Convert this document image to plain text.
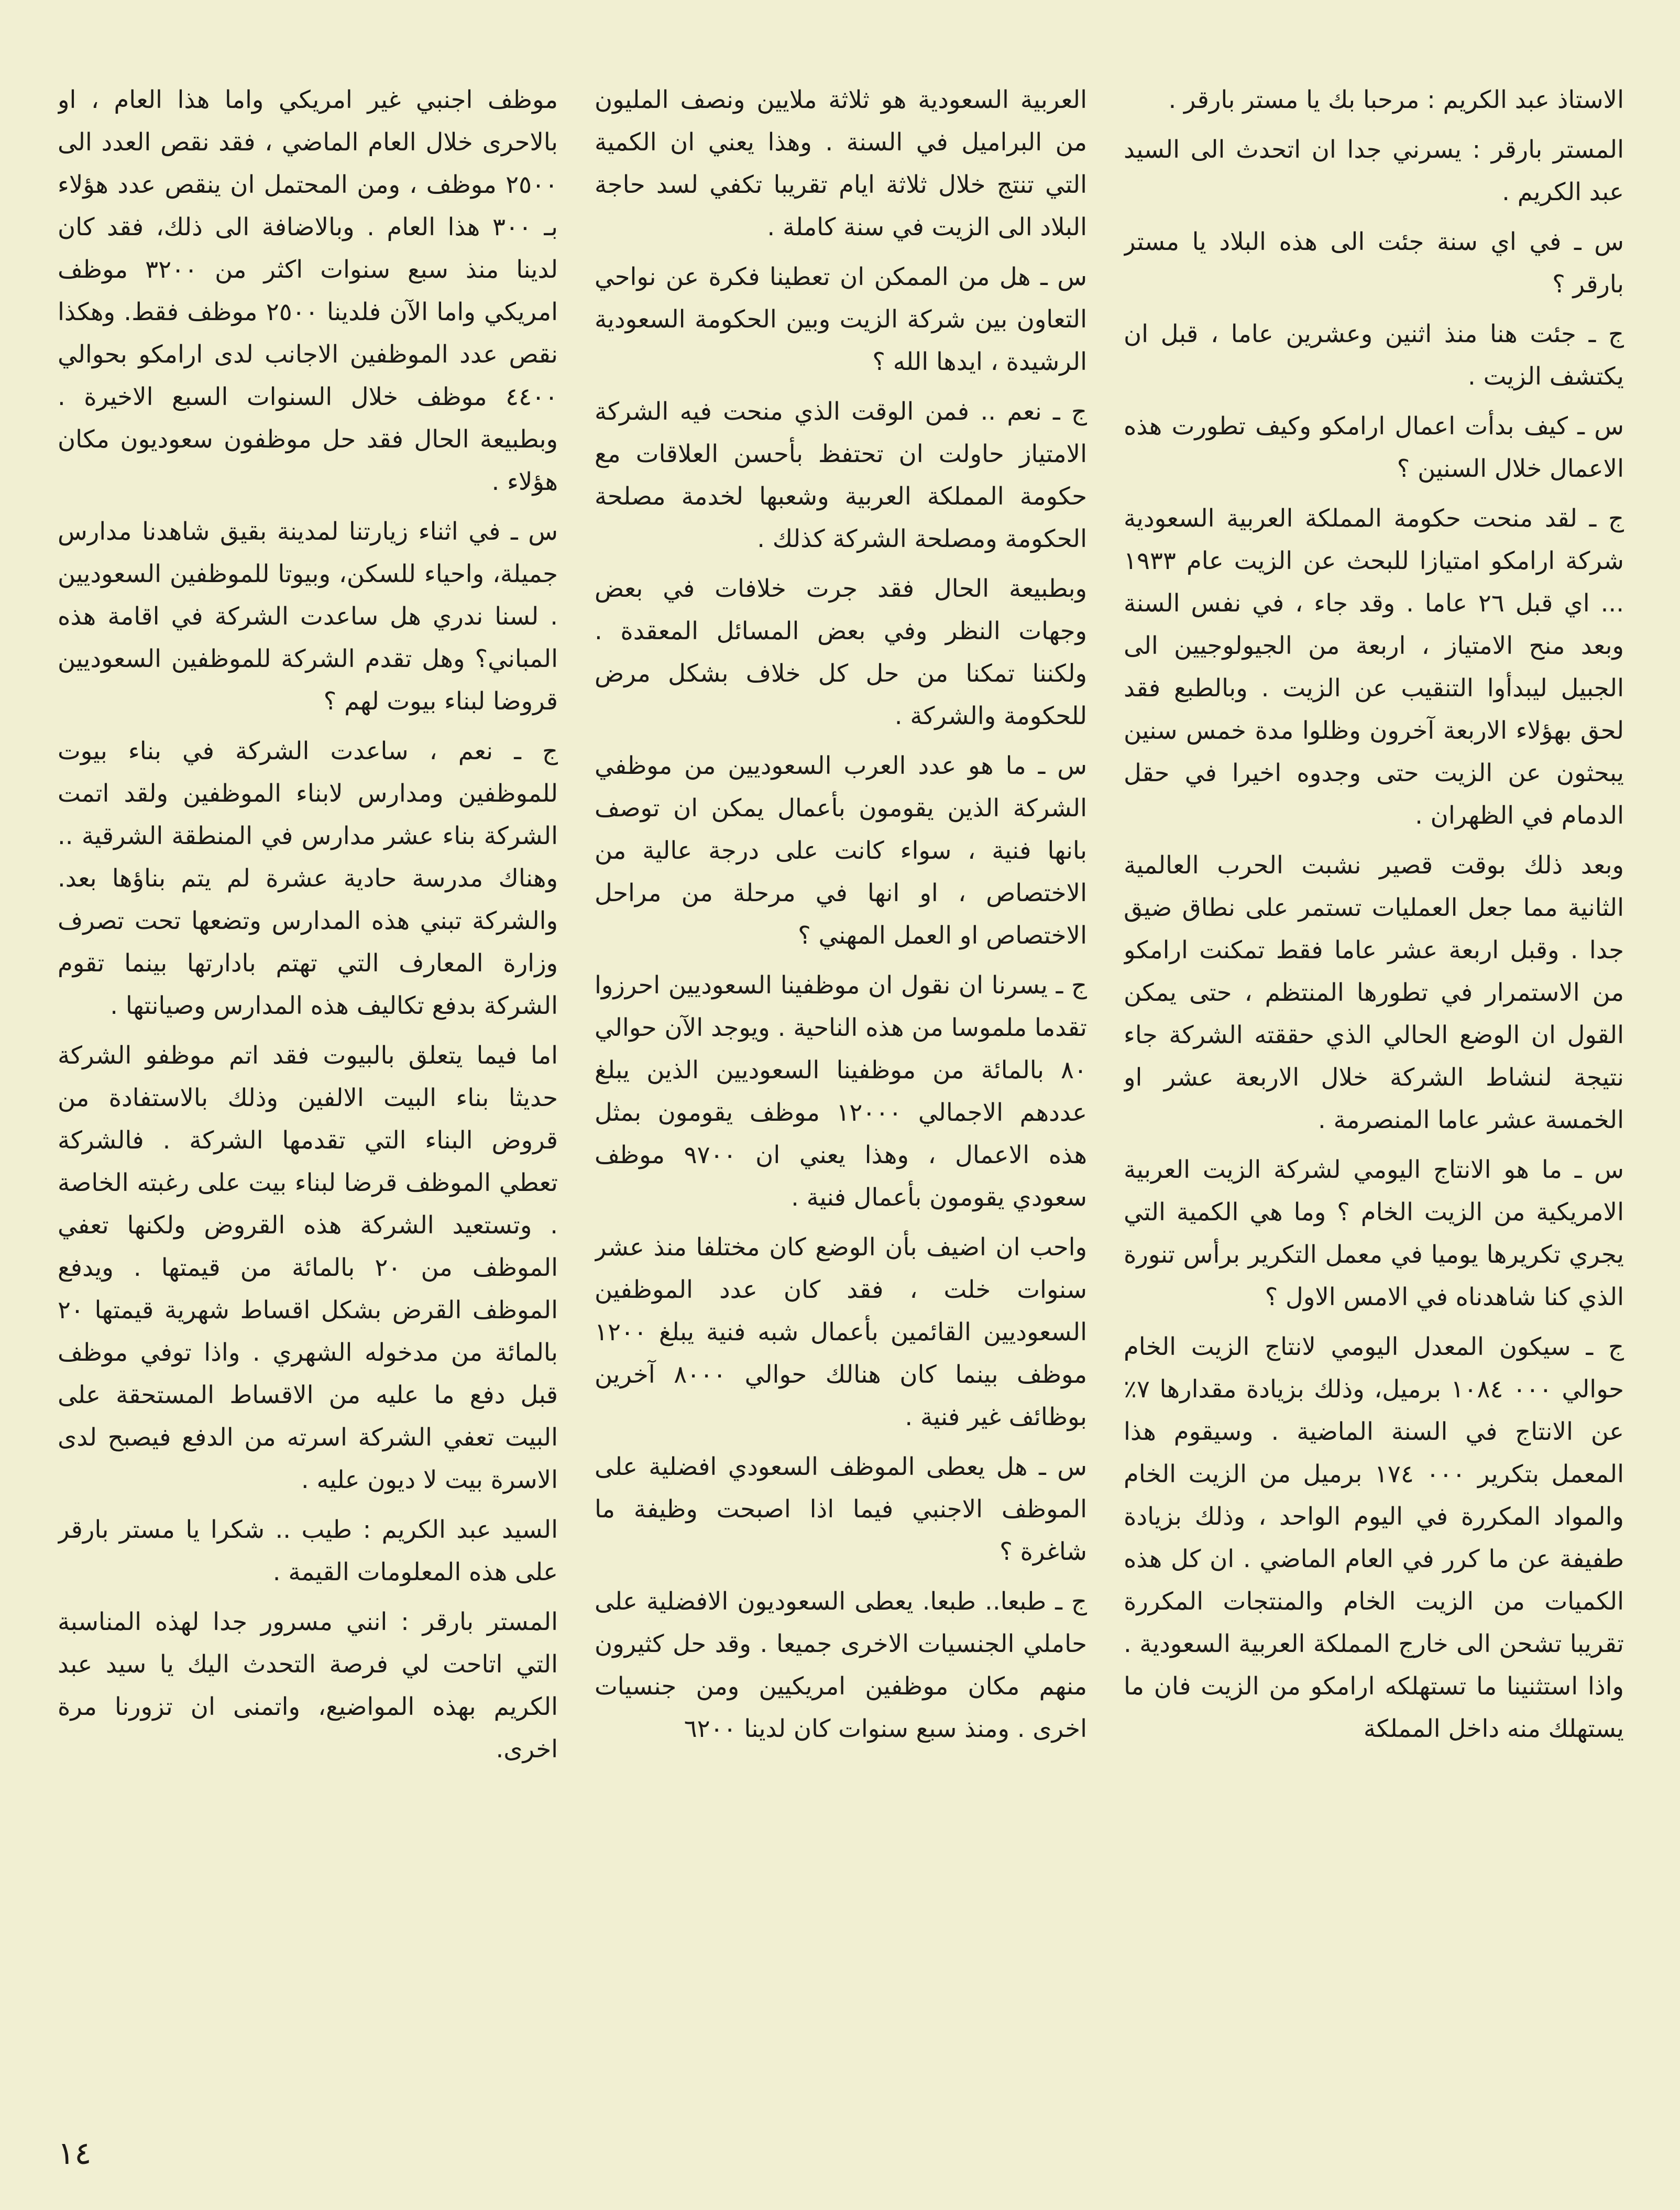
الاستاذ عبد الكريم : مرحبا بك يا مستر بارقر .

المستر بارقر : يسرني جدا ان اتحدث الى السيد عبد الكريم .

س ـ في اي سنة جئت الى هذه البلاد يا مستر بارقر ؟

ج ـ جئت هنا منذ اثنين وعشرين عاما ، قبل ان يكتشف الزيت .

س ـ كيف بدأت اعمال ارامكو وكيف تطورت هذه الاعمال خلال السنين ؟

ج ـ لقد منحت حكومة المملكة العربية السعودية شركة ارامكو امتيازا للبحث عن الزيت عام ١٩٣٣ ... اي قبل ٢٦ عاما . وقد جاء ، في نفس السنة وبعد منح الامتياز ، اربعة من الجيولوجيين الى الجبيل ليبدأوا التنقيب عن الزيت . وبالطبع فقد لحق بهؤلاء الاربعة آخرون وظلوا مدة خمس سنين يبحثون عن الزيت حتى وجدوه اخيرا في حقل الدمام في الظهران .

وبعد ذلك بوقت قصير نشبت الحرب العالمية الثانية مما جعل العمليات تستمر على نطاق ضيق جدا . وقبل اربعة عشر عاما فقط تمكنت ارامكو من الاستمرار في تطورها المنتظم ، حتى يمكن القول ان الوضع الحالي الذي حققته الشركة جاء نتيجة لنشاط الشركة خلال الاربعة عشر او الخمسة عشر عاما المنصرمة .

س ـ ما هو الانتاج اليومي لشركة الزيت العربية الامريكية من الزيت الخام ؟ وما هي الكمية التي يجري تكريرها يوميا في معمل التكرير برأس تنورة الذي كنا شاهدناه في الامس الاول ؟

ج ـ سيكون المعدل اليومي لانتاج الزيت الخام حوالي ٠٠٠ ١٠٨٤ برميل، وذلك بزيادة مقدارها ٧٪ عن الانتاج في السنة الماضية . وسيقوم هذا المعمل بتكرير ٠٠٠ ١٧٤ برميل من الزيت الخام والمواد المكررة في اليوم الواحد ، وذلك بزيادة طفيفة عن ما كرر في العام الماضي . ان كل هذه الكميات من الزيت الخام والمنتجات المكررة تقريبا تشحن الى خارج المملكة العربية السعودية . واذا استثنينا ما تستهلكه ارامكو من الزيت فان ما يستهلك منه داخل المملكة

العربية السعودية هو ثلاثة ملايين ونصف المليون من البراميل في السنة . وهذا يعني ان الكمية التي تنتج خلال ثلاثة ايام تقريبا تكفي لسد حاجة البلاد الى الزيت في سنة كاملة .

س ـ هل من الممكن ان تعطينا فكرة عن نواحي التعاون بين شركة الزيت وبين الحكومة السعودية الرشيدة ، ايدها الله ؟

ج ـ نعم .. فمن الوقت الذي منحت فيه الشركة الامتياز حاولت ان تحتفظ بأحسن العلاقات مع حكومة المملكة العربية وشعبها لخدمة مصلحة الحكومة ومصلحة الشركة كذلك .

وبطبيعة الحال فقد جرت خلافات في بعض وجهات النظر وفي بعض المسائل المعقدة . ولكننا تمكنا من حل كل خلاف بشكل مرض للحكومة والشركة .

س ـ ما هو عدد العرب السعوديين من موظفي الشركة الذين يقومون بأعمال يمكن ان توصف بانها فنية ، سواء كانت على درجة عالية من الاختصاص ، او انها في مرحلة من مراحل الاختصاص او العمل المهني ؟

ج ـ يسرنا ان نقول ان موظفينا السعوديين احرزوا تقدما ملموسا من هذه الناحية . ويوجد الآن حوالي ٨٠ بالمائة من موظفينا السعوديين الذين يبلغ عددهم الاجمالي ١٢٠٠٠ موظف يقومون بمثل هذه الاعمال ، وهذا يعني ان ٩٧٠٠ موظف سعودي يقومون بأعمال فنية .

واحب ان اضيف بأن الوضع كان مختلفا منذ عشر سنوات خلت ، فقد كان عدد الموظفين السعوديين القائمين بأعمال شبه فنية يبلغ ١٢٠٠ موظف بينما كان هنالك حوالي ٨٠٠٠ آخرين بوظائف غير فنية .

س ـ هل يعطى الموظف السعودي افضلية على الموظف الاجنبي فيما اذا اصبحت وظيفة ما شاغرة ؟

ج ـ طبعا.. طبعا. يعطى السعوديون الافضلية على حاملي الجنسيات الاخرى جميعا . وقد حل كثيرون منهم مكان موظفين امريكيين ومن جنسيات اخرى . ومنذ سبع سنوات كان لدينا ٦٢٠٠

موظف اجنبي غير امريكي واما هذا العام ، او بالاحرى خلال العام الماضي ، فقد نقص العدد الى ٢٥٠٠ موظف ، ومن المحتمل ان ينقص عدد هؤلاء بـ ٣٠٠ هذا العام . وبالاضافة الى ذلك، فقد كان لدينا منذ سبع سنوات اكثر من ٣٢٠٠ موظف امريكي واما الآن فلدينا ٢٥٠٠ موظف فقط. وهكذا نقص عدد الموظفين الاجانب لدى ارامكو بحوالي ٤٤٠٠ موظف خلال السنوات السبع الاخيرة . وبطبيعة الحال فقد حل موظفون سعوديون مكان هؤلاء .

س ـ في اثناء زيارتنا لمدينة بقيق شاهدنا مدارس جميلة، واحياء للسكن، وبيوتا للموظفين السعوديين . لسنا ندري هل ساعدت الشركة في اقامة هذه المباني؟ وهل تقدم الشركة للموظفين السعوديين قروضا لبناء بيوت لهم ؟

ج ـ نعم ، ساعدت الشركة في بناء بيوت للموظفين ومدارس لابناء الموظفين ولقد اتمت الشركة بناء عشر مدارس في المنطقة الشرقية .. وهناك مدرسة حادية عشرة لم يتم بناؤها بعد. والشركة تبني هذه المدارس وتضعها تحت تصرف وزارة المعارف التي تهتم بادارتها بينما تقوم الشركة بدفع تكاليف هذه المدارس وصيانتها .

اما فيما يتعلق بالبيوت فقد اتم موظفو الشركة حديثا بناء البيت الالفين وذلك بالاستفادة من قروض البناء التي تقدمها الشركة . فالشركة تعطي الموظف قرضا لبناء بيت على رغبته الخاصة . وتستعيد الشركة هذه القروض ولكنها تعفي الموظف من ٢٠ بالمائة من قيمتها . ويدفع الموظف القرض بشكل اقساط شهرية قيمتها ٢٠ بالمائة من مدخوله الشهري . واذا توفي موظف قبل دفع ما عليه من الاقساط المستحقة على البيت تعفي الشركة اسرته من الدفع فيصبح لدى الاسرة بيت لا ديون عليه .

السيد عبد الكريم : طيب .. شكرا يا مستر بارقر على هذه المعلومات القيمة .

المستر بارقر : انني مسرور جدا لهذه المناسبة التي اتاحت لي فرصة التحدث اليك يا سيد عبد الكريم بهذه المواضيع، واتمنى ان تزورنا مرة اخرى.

١٤
